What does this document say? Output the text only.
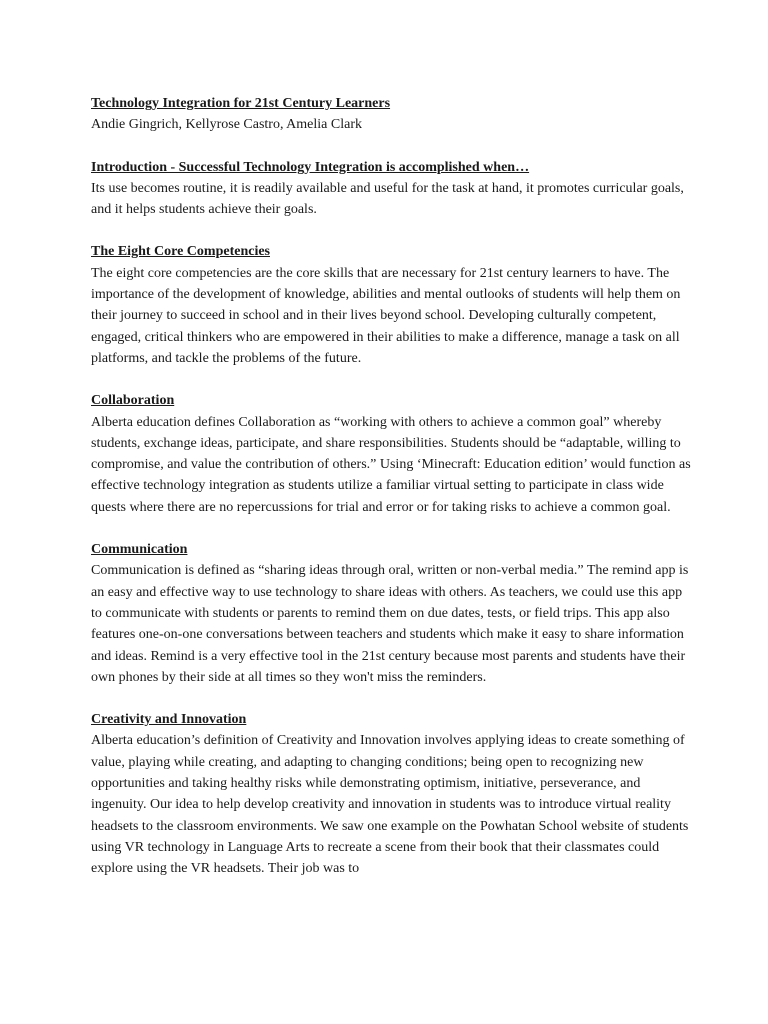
Technology Integration for 21st Century Learners

Andie Gingrich, Kellyrose Castro, Amelia Clark

Introduction - Successful Technology Integration is accomplished when…

Its use becomes routine, it is readily available and useful for the task at hand, it promotes curricular goals, and it helps students achieve their goals.

The Eight Core Competencies

The eight core competencies are the core skills that are necessary for 21st century learners to have. The importance of the development of knowledge, abilities and mental outlooks of students will help them on their journey to succeed in school and in their lives beyond school. Developing culturally competent, engaged, critical thinkers who are empowered in their abilities to make a difference, manage a task on all platforms, and tackle the problems of the future.

Collaboration

Alberta education defines Collaboration as “working with others to achieve a common goal” whereby students, exchange ideas, participate, and share responsibilities. Students should be “adaptable, willing to compromise, and value the contribution of others.” Using ‘Minecraft: Education edition’ would function as effective technology integration as students utilize a familiar virtual setting to participate in class wide quests where there are no repercussions for trial and error or for taking risks to achieve a common goal.

Communication

Communication is defined as “sharing ideas through oral, written or non-verbal media.” The remind app is an easy and effective way to use technology to share ideas with others. As teachers, we could use this app to communicate with students or parents to remind them on due dates, tests, or field trips. This app also features one-on-one conversations between teachers and students which make it easy to share information and ideas. Remind is a very effective tool in the 21st century because most parents and students have their own phones by their side at all times so they won't miss the reminders.

Creativity and Innovation

Alberta education’s definition of Creativity and Innovation involves applying ideas to create something of value, playing while creating, and adapting to changing conditions; being open to recognizing new opportunities and taking healthy risks while demonstrating optimism, initiative, perseverance, and ingenuity. Our idea to help develop creativity and innovation in students was to introduce virtual reality headsets to the classroom environments. We saw one example on the Powhatan School website of students using VR technology in Language Arts to recreate a scene from their book that their classmates could explore using the VR headsets. Their job was to
